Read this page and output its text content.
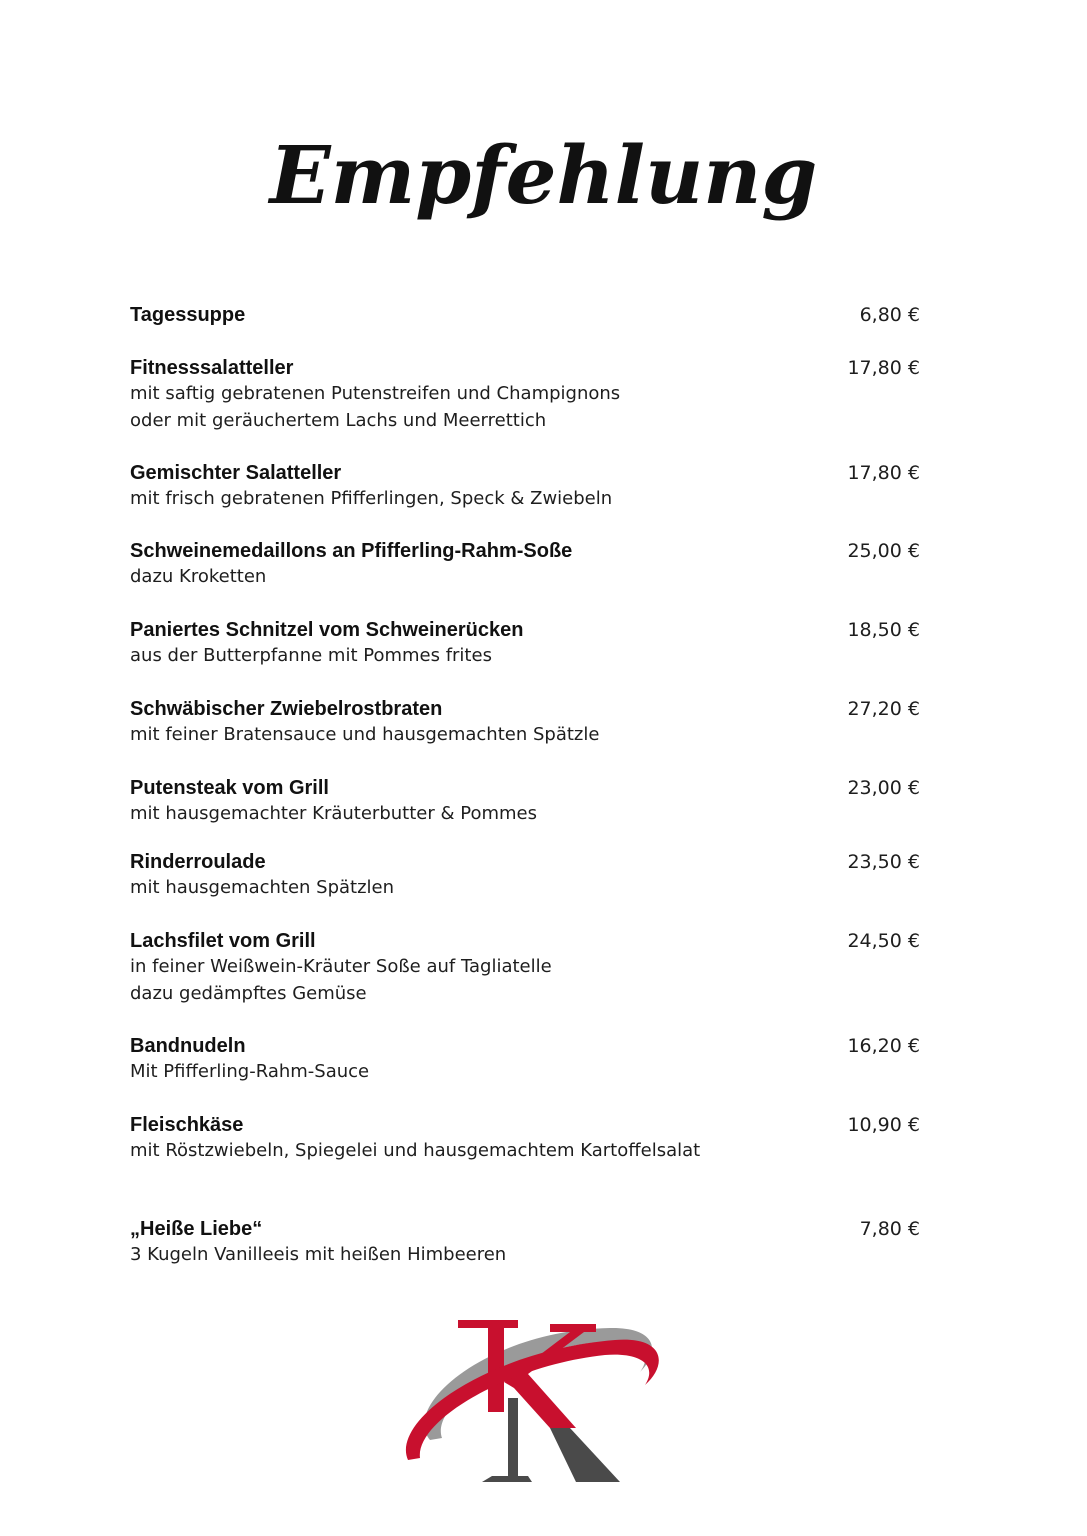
Empfehlung
Tagessuppe	6,80 €
Fitnesssalatteller
mit saftig gebratenen Putenstreifen und Champignons
oder mit geräuchertem Lachs und Meerrettich
17,80 €
Gemischter Salatteller
mit frisch gebratenen Pfifferlingen, Speck & Zwiebeln
17,80 €
Schweinemedaillons an Pfifferling-Rahm-Soße
dazu Kroketten
25,00 €
Paniertes Schnitzel vom Schweinerücken
aus der Butterpfanne mit Pommes frites
18,50 €
Schwäbischer Zwiebelrostbraten
mit feiner Bratensauce und hausgemachten Spätzle
27,20 €
Putensteak vom Grill
mit hausgemachter Kräuterbutter & Pommes
23,00 €
Rinderroulade
mit hausgemachten Spätzlen
23,50 €
Lachsfilet vom Grill
in feiner Weißwein-Kräuter Soße auf Tagliatelle
dazu gedämpftes Gemüse
24,50 €
Bandnudeln
Mit Pfifferling-Rahm-Sauce
16,20 €
Fleischkäse
mit Röstzwiebeln, Spiegelei und hausgemachtem Kartoffelsalat
10,90 €
„Heiße Liebe“
3 Kugeln Vanilleeis mit heißen Himbeeren
7,80 €
